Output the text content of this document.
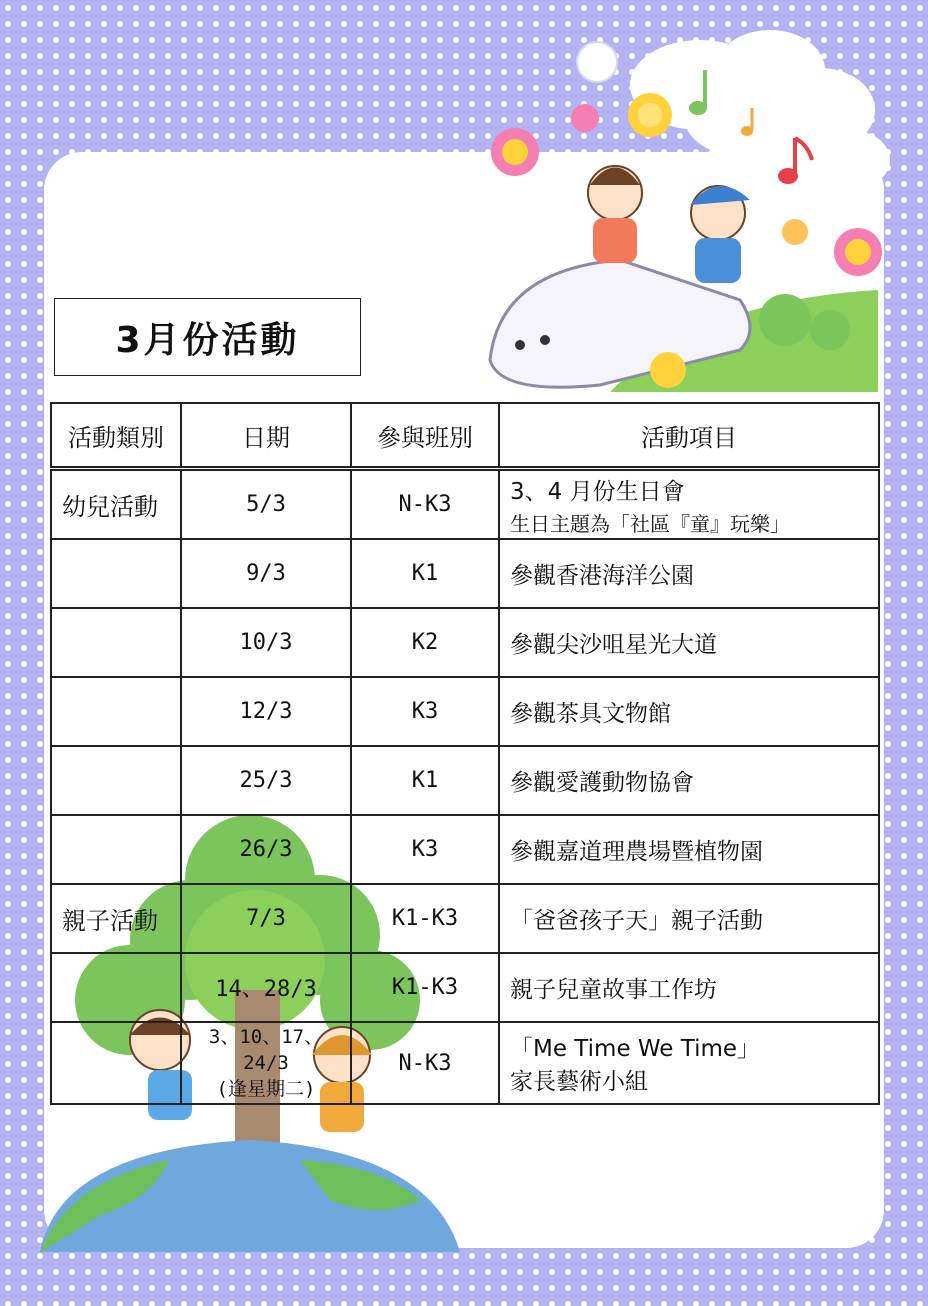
3月份活動
活動類別	日期	參與班別	活動項目
幼兒活動	5/3	N-K3	3、4 月份生日會
生日主題為「社區『童』玩樂」

	9/3	K1	參觀香港海洋公園
	10/3	K2	參觀尖沙咀星光大道
	12/3	K3	參觀茶具文物館
	25/3	K1	參觀愛護動物協會
	26/3	K3	參觀嘉道理農場暨植物園
親子活動	7/3	K1-K3	「爸爸孩子天」親子活動
	14、28/3	K1-K3	親子兒童故事工作坊

	3、10、17、
24/3
(逢星期二)	N-K3	「Me Time We Time」
家長藝術小組
